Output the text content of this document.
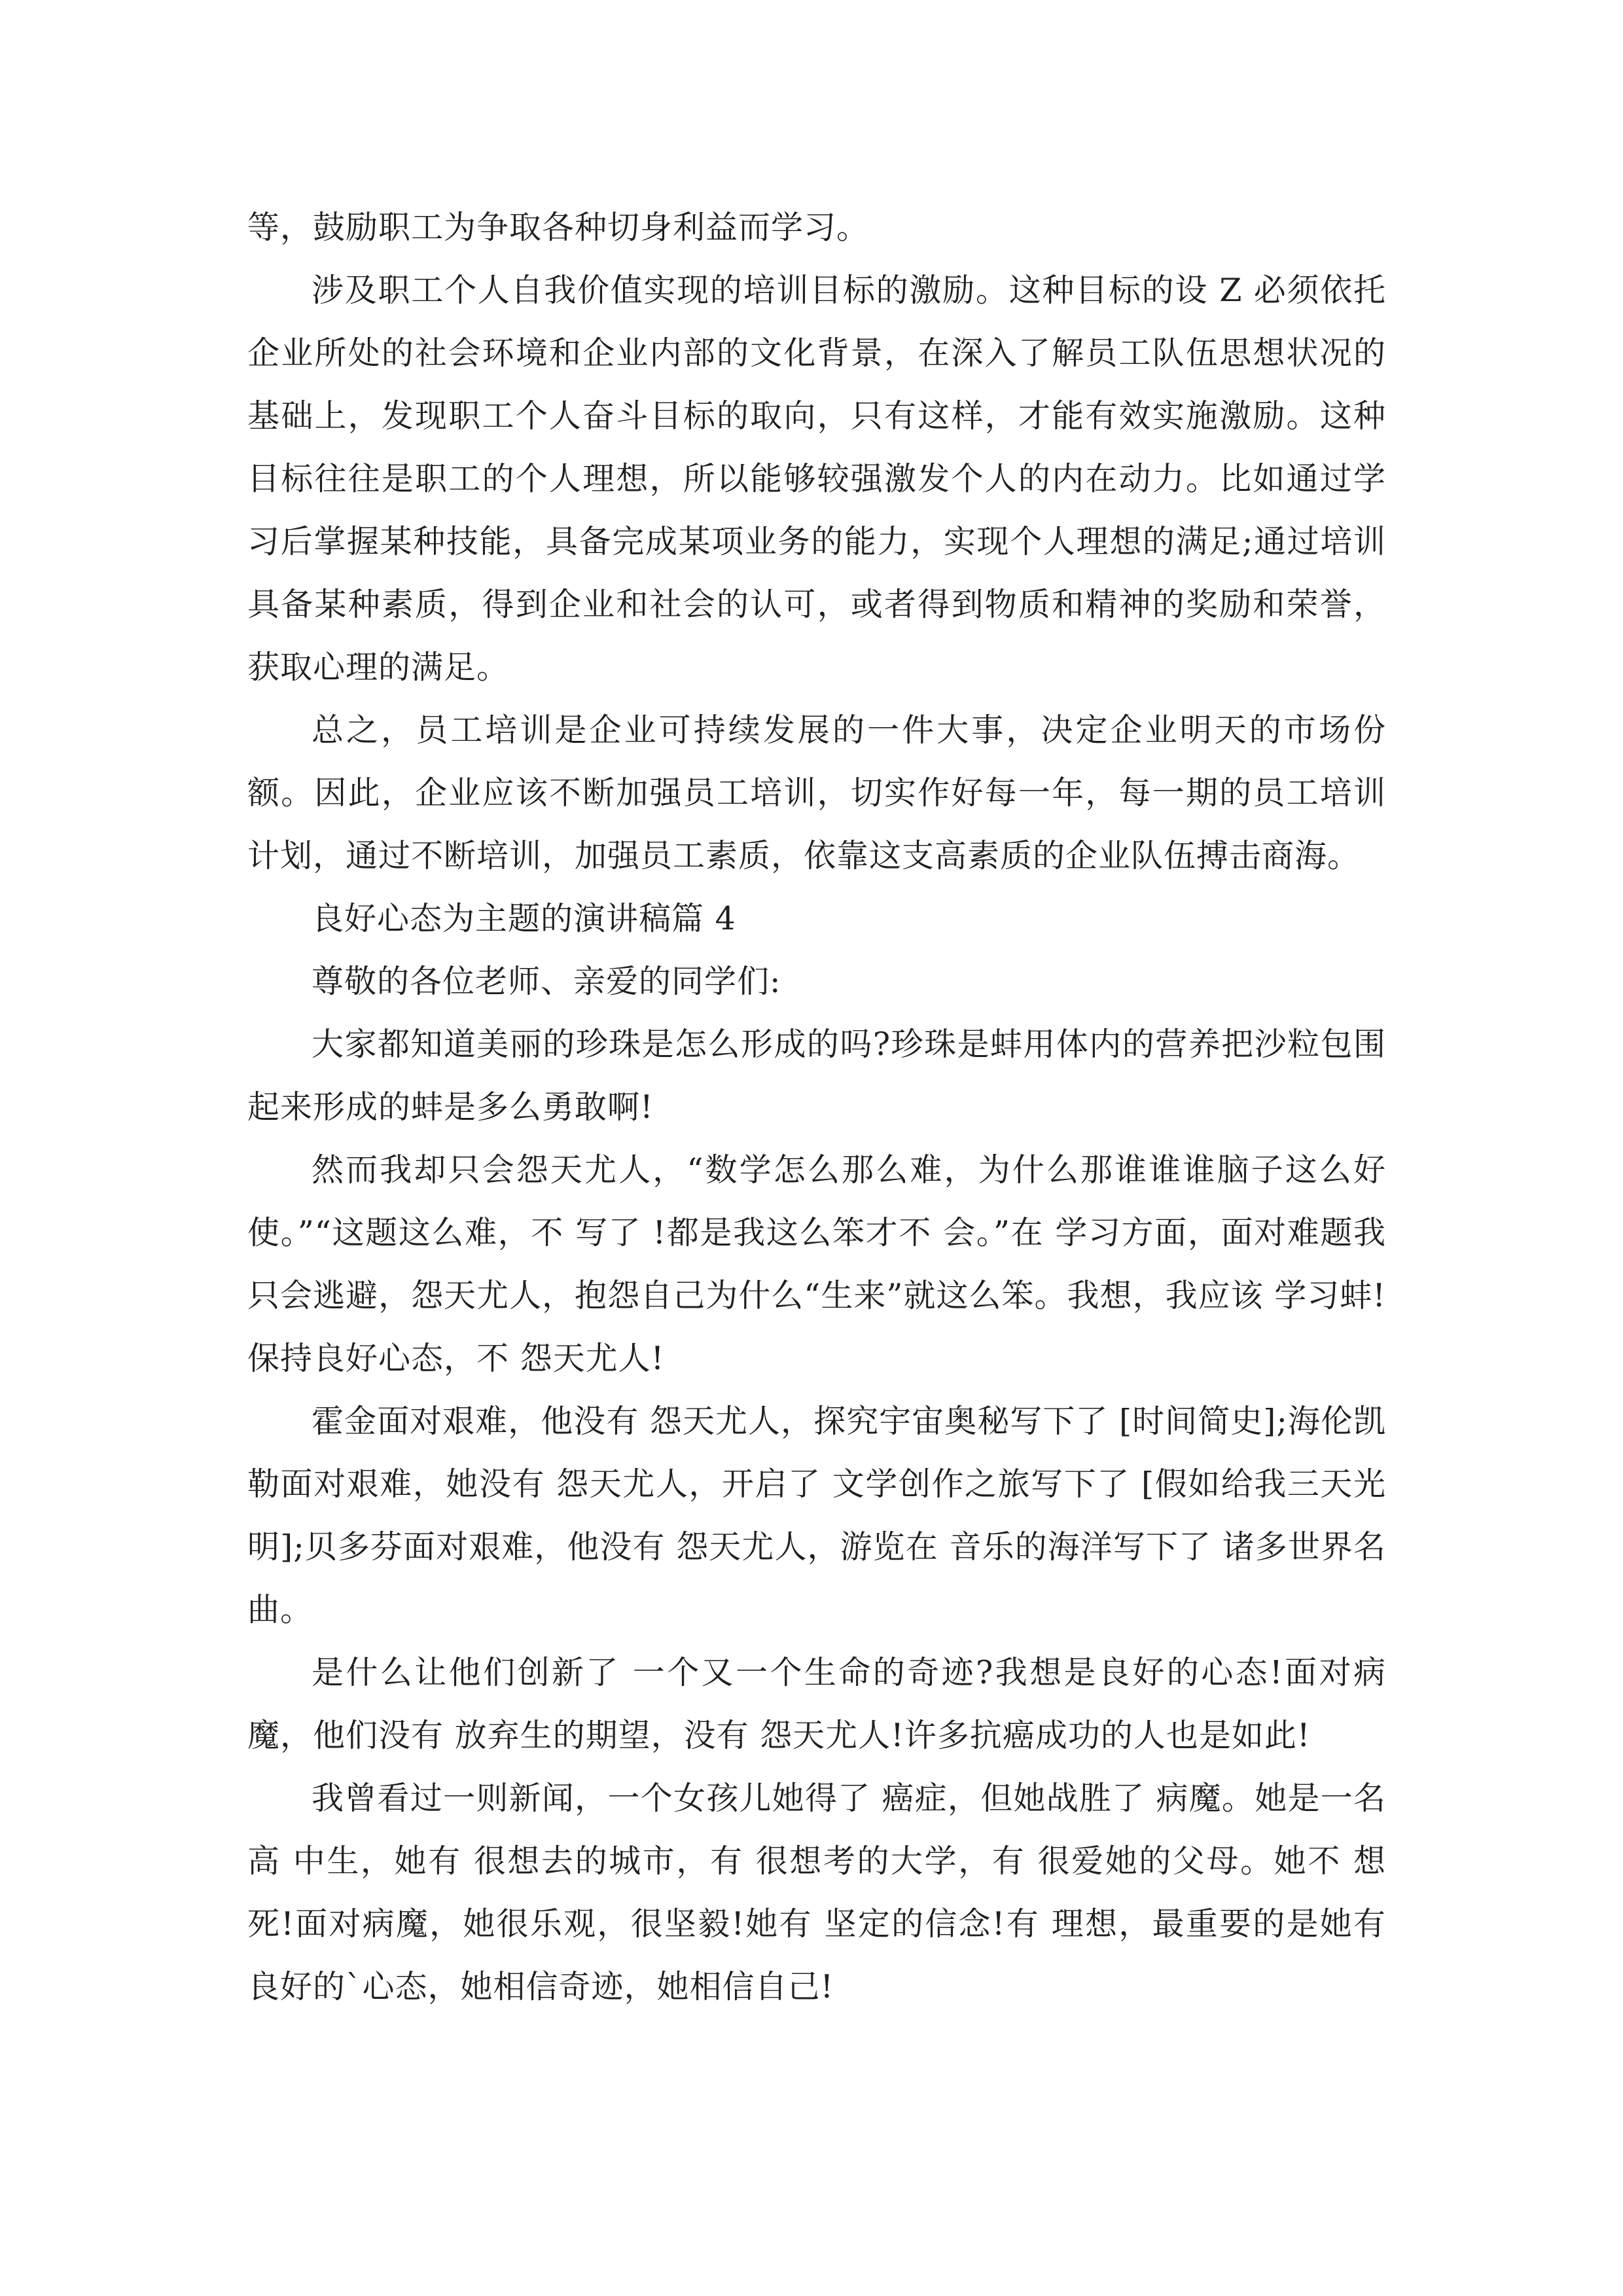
等，鼓励职工为争取各种切身利益而学习。

涉及职工个人自我价值实现的培训目标的激励。这种目标的设 Z 必须依托企业所处的社会环境和企业内部的文化背景，在深入了解员工队伍思想状况的基础上，发现职工个人奋斗目标的取向，只有这样，才能有效实施激励。这种目标往往是职工的个人理想，所以能够较强激发个人的内在动力。比如通过学习后掌握某种技能，具备完成某项业务的能力，实现个人理想的满足;通过培训具备某种素质，得到企业和社会的认可，或者得到物质和精神的奖励和荣誉，获取心理的满足。

总之，员工培训是企业可持续发展的一件大事，决定企业明天的市场份额。因此，企业应该不断加强员工培训，切实作好每一年，每一期的员工培训计划，通过不断培训，加强员工素质，依靠这支高素质的企业队伍搏击商海。

良好心态为主题的演讲稿篇 4

尊敬的各位老师、亲爱的同学们:

大家都知道美丽的珍珠是怎么形成的吗?珍珠是蚌用体内的营养把沙粒包围起来形成的蚌是多么勇敢啊!

然而我却只会怨天尤人，“数学怎么那么难，为什么那谁谁谁脑子这么好使。”“这题这么难，不 写了 !都是我这么笨才不 会。”在 学习方面，面对难题我只会逃避，怨天尤人，抱怨自己为什么“生来”就这么笨。我想，我应该 学习蚌!保持良好心态，不 怨天尤人!

霍金面对艰难，他没有 怨天尤人，探究宇宙奥秘写下了 [时间简史];海伦凯勒面对艰难，她没有 怨天尤人，开启了 文学创作之旅写下了 [假如给我三天光明];贝多芬面对艰难，他没有 怨天尤人，游览在 音乐的海洋写下了 诸多世界名曲。

是什么让他们创新了 一个又一个生命的奇迹?我想是良好的心态!面对病魔，他们没有 放弃生的期望，没有 怨天尤人!许多抗癌成功的人也是如此!

我曾看过一则新闻，一个女孩儿她得了 癌症，但她战胜了 病魔。她是一名高 中生，她有 很想去的城市，有 很想考的大学，有 很爱她的父母。她不 想死!面对病魔，她很乐观，很坚毅!她有 坚定的信念!有 理想，最重要的是她有 良好的`心态，她相信奇迹，她相信自己!
